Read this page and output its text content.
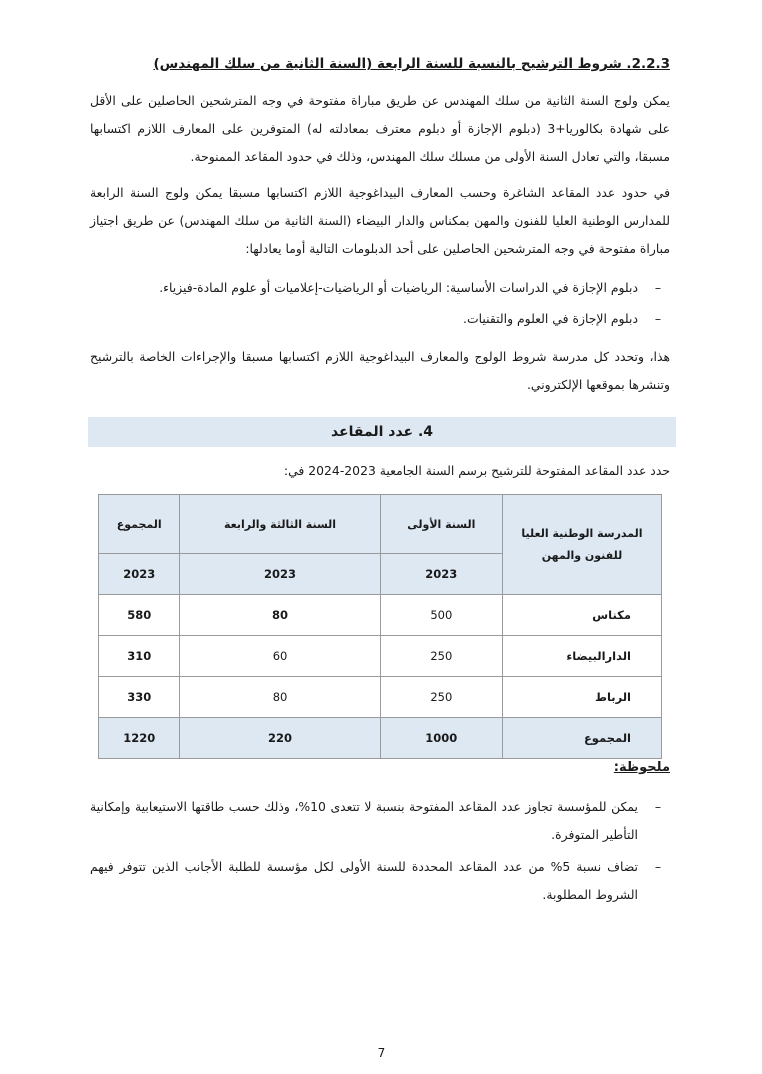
2.2.3. شروط الترشيح بالنسبة للسنة الرابعة (السنة الثانية من سلك المهندس)
يمكن ولوج السنة الثانية من سلك المهندس عن طريق مباراة مفتوحة في وجه المترشحين الحاصلين على الأقل على شهادة بكالوريا+3 (دبلوم الإجازة أو دبلوم معترف بمعادلته له) المتوفرين على المعارف اللازم اكتسابها مسبقا، والتي تعادل السنة الأولى من مسلك سلك المهندس، وذلك في حدود المقاعد الممنوحة.
في حدود عدد المقاعد الشاغرة وحسب المعارف البيداغوجية اللازم اكتسابها مسبقا يمكن ولوج السنة الرابعة للمدارس الوطنية العليا للفنون والمهن بمكناس والدار البيضاء (السنة الثانية من سلك المهندس) عن طريق اجتياز مباراة مفتوحة في وجه المترشحين الحاصلين على أحد الدبلومات التالية أوما يعادلها:
–
دبلوم الإجازة في الدراسات الأساسية: الرياضيات أو الرياضيات-إعلاميات أو علوم المادة-فيزياء.
–
دبلوم الإجازة في العلوم والتقنيات.
هذا، وتحدد كل مدرسة شروط الولوج والمعارف البيداغوجية اللازم اكتسابها مسبقا والإجراءات الخاصة بالترشيح وتنشرها بموقعها الإلكتروني.
4. عدد المقاعد
حدد عدد المقاعد المفتوحة للترشيح برسم السنة الجامعية 2023-2024 في:
المدرسة الوطنية العليا للفنون والمهن	السنة الأولى	السنة الثالثة والرابعة	المجموع
	2023	2023	2023
مكناس	500	80	580
الدارالبيضاء	250	60	310
الرباط	250	80	330
المجموع	1000	220	1220
ملحوظة:
–
يمكن للمؤسسة تجاوز عدد المقاعد المفتوحة بنسبة لا تتعدى 10%، وذلك حسب طاقتها الاستيعابية وإمكانية التأطير المتوفرة.
–
تضاف نسبة 5% من عدد المقاعد المحددة للسنة الأولى لكل مؤسسة للطلبة الأجانب الذين تتوفر فيهم الشروط المطلوبة.
7
